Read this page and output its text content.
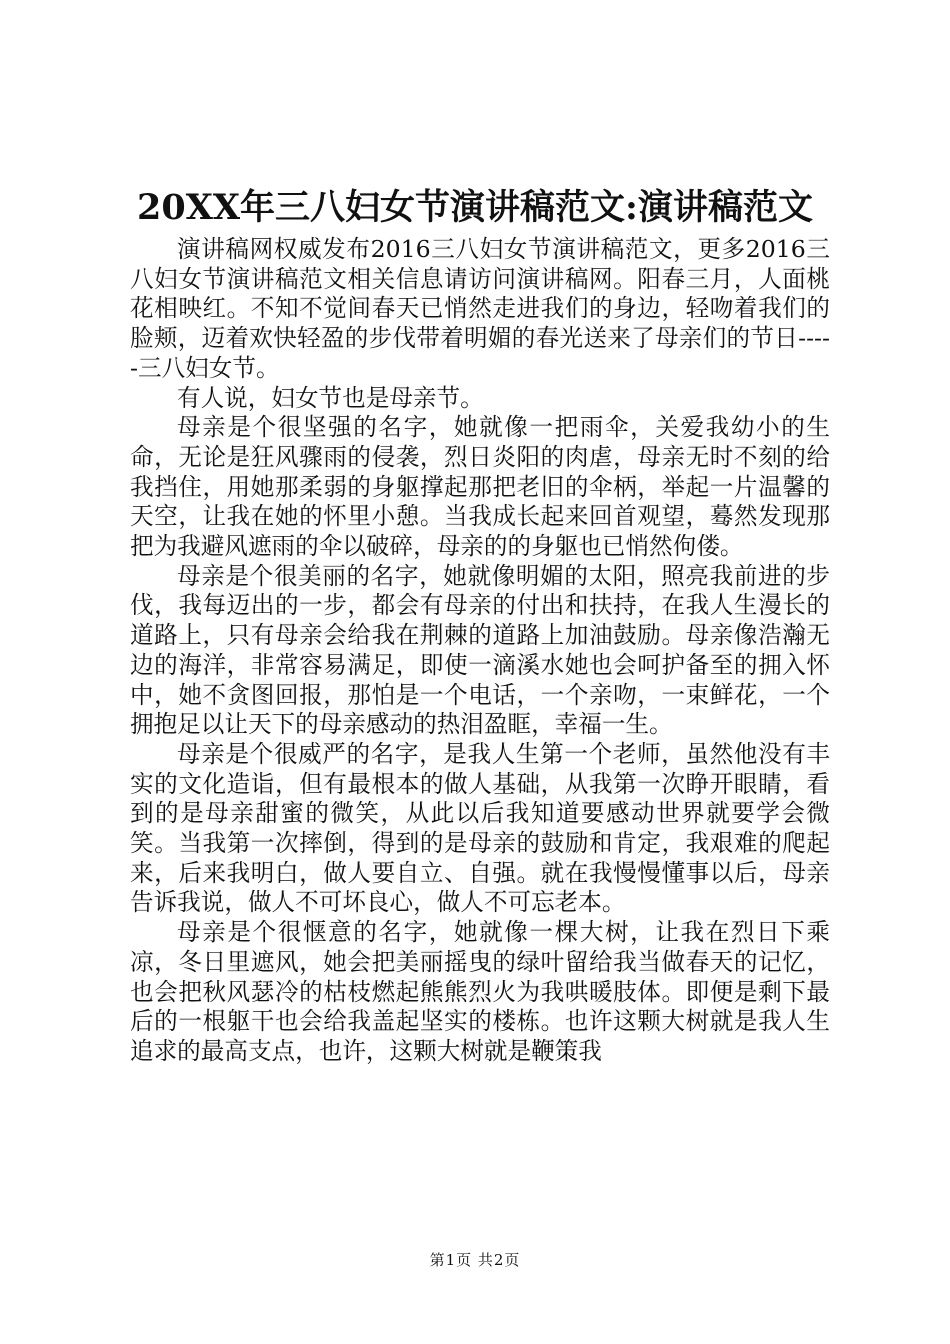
20XX年三八妇女节演讲稿范文:演讲稿范文

演讲稿网权威发布2016三八妇女节演讲稿范文，更多2016三八妇女节演讲稿范文相关信息请访问演讲稿网。阳春三月，人面桃花相映红。不知不觉间春天已悄然走进我们的身边，轻吻着我们的脸颊，迈着欢快轻盈的步伐带着明媚的春光送来了母亲们的节日-----三八妇女节。

有人说，妇女节也是母亲节。

母亲是个很坚强的名字，她就像一把雨伞，关爱我幼小的生命，无论是狂风骤雨的侵袭，烈日炎阳的肉虐，母亲无时不刻的给我挡住，用她那柔弱的身躯撑起那把老旧的伞柄，举起一片温馨的天空，让我在她的怀里小憩。当我成长起来回首观望，蓦然发现那把为我避风遮雨的伞以破碎，母亲的的身躯也已悄然佝偻。

母亲是个很美丽的名字，她就像明媚的太阳，照亮我前进的步伐，我每迈出的一步，都会有母亲的付出和扶持，在我人生漫长的道路上，只有母亲会给我在荆棘的道路上加油鼓励。母亲像浩瀚无边的海洋，非常容易满足，即使一滴溪水她也会呵护备至的拥入怀中，她不贪图回报，那怕是一个电话，一个亲吻，一束鲜花，一个拥抱足以让天下的母亲感动的热泪盈眶，幸福一生。

母亲是个很威严的名字，是我人生第一个老师，虽然他没有丰实的文化造诣，但有最根本的做人基础，从我第一次睁开眼睛，看到的是母亲甜蜜的微笑，从此以后我知道要感动世界就要学会微笑。当我第一次摔倒，得到的是母亲的鼓励和肯定，我艰难的爬起来，后来我明白，做人要自立、自强。就在我慢慢懂事以后，母亲告诉我说，做人不可坏良心，做人不可忘老本。

母亲是个很惬意的名字，她就像一棵大树，让我在烈日下乘凉，冬日里遮风，她会把美丽摇曳的绿叶留给我当做春天的记忆，也会把秋风瑟冷的枯枝燃起熊熊烈火为我哄暖肢体。即便是剩下最后的一根躯干也会给我盖起坚实的楼栋。也许这颗大树就是我人生追求的最高支点，也许，这颗大树就是鞭策我

第1页 共2页
